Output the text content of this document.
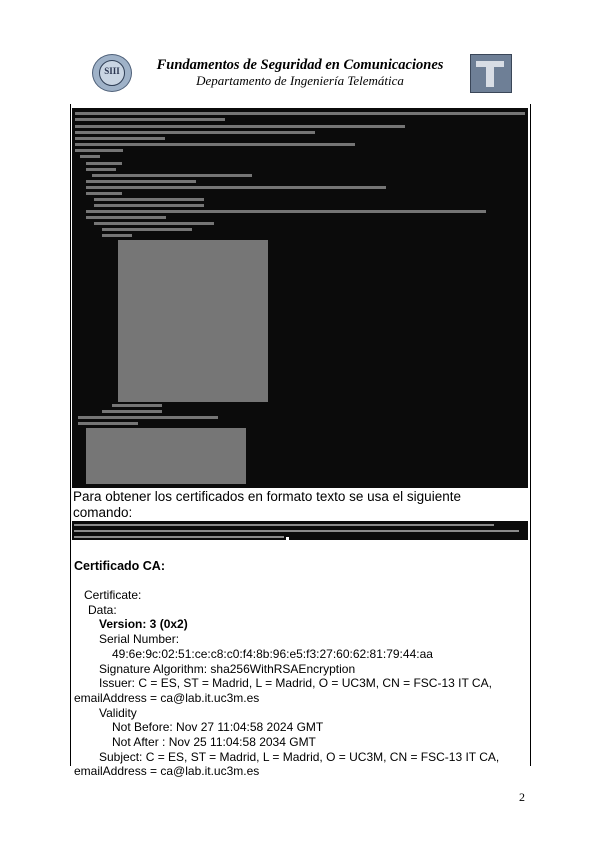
SIII	Fundamentos de Seguridad en Comunicaciones
Departamento de Ingeniería Telemática
Para obtener los certificados en formato texto se usa el siguiente comando:
Certificado CA:
Certificate:
Data:
Version: 3 (0x2)
Serial Number:
49:6e:9c:02:51:ce:c8:c0:f4:8b:96:e5:f3:27:60:62:81:79:44:aa
Signature Algorithm: sha256WithRSAEncryption
Issuer: C = ES, ST = Madrid, L = Madrid, O = UC3M, CN = FSC-13 IT CA,
emailAddress = ca@lab.it.uc3m.es
Validity
Not Before: Nov 27 11:04:58 2024 GMT
Not After : Nov 25 11:04:58 2034 GMT
Subject: C = ES, ST = Madrid, L = Madrid, O = UC3M, CN = FSC-13 IT CA,
emailAddress = ca@lab.it.uc3m.es
2
